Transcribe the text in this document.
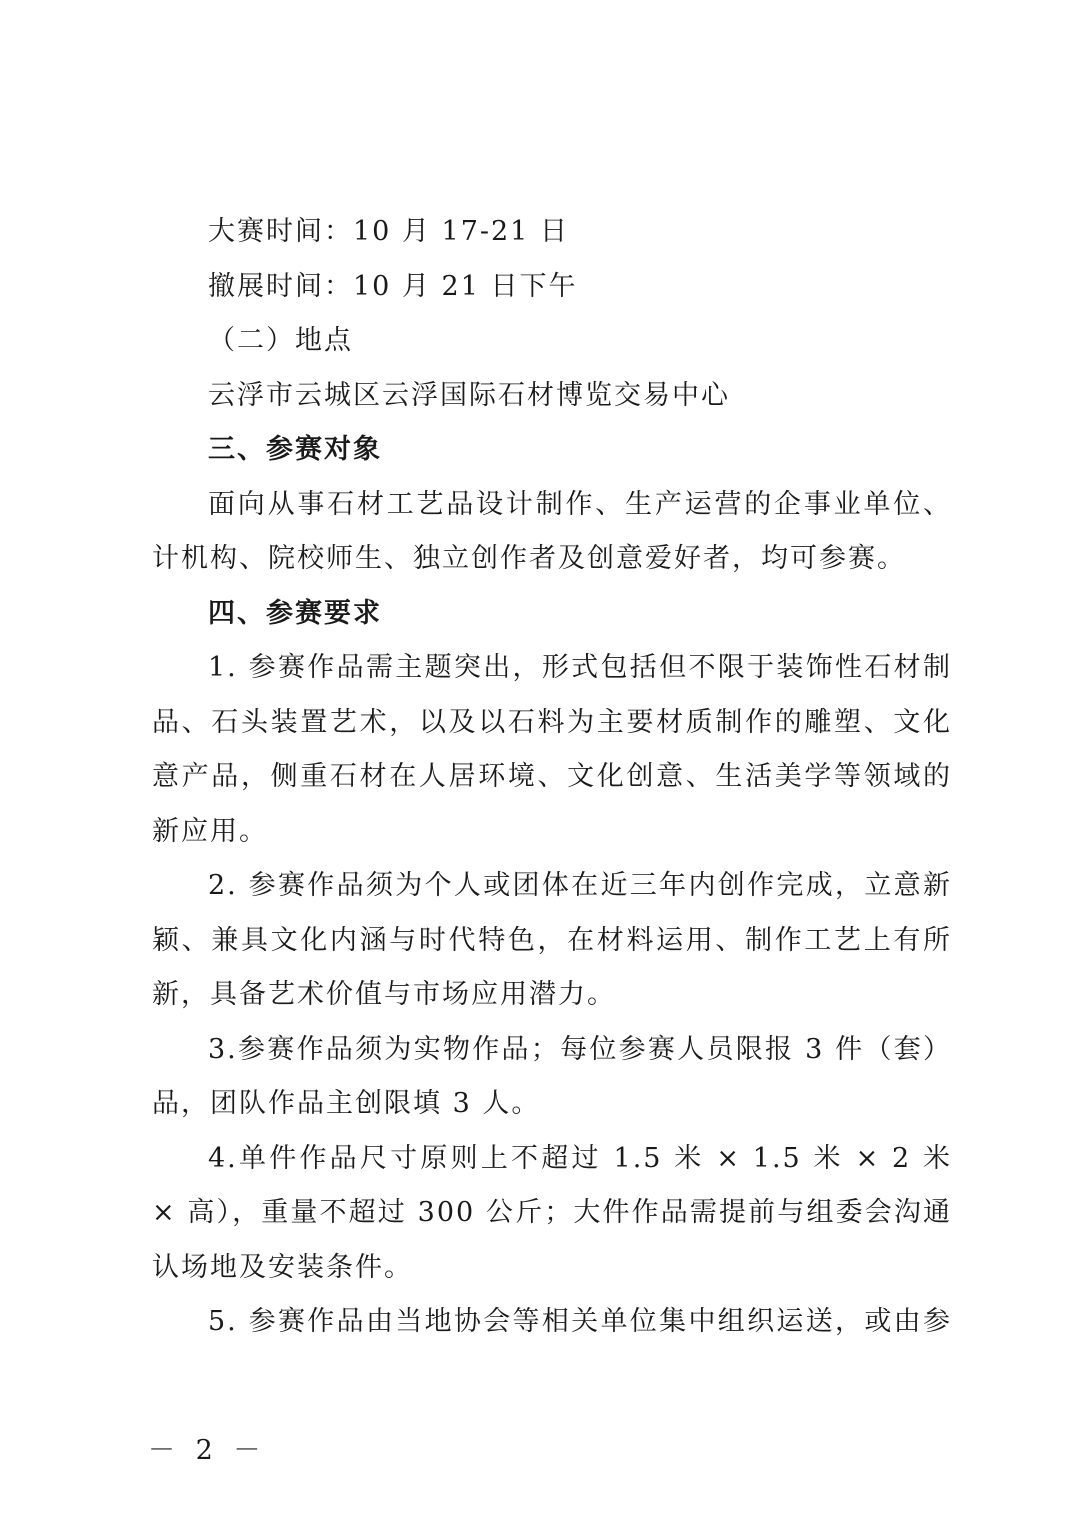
大赛时间：10 月 17-21 日
撤展时间：10 月 21 日下午
（二）地点
云浮市云城区云浮国际石材博览交易中心
三、参赛对象
面向从事石材工艺品设计制作、生产运营的企事业单位、
计机构、院校师生、独立创作者及创意爱好者，均可参赛。
四、参赛要求
1. 参赛作品需主题突出，形式包括但不限于装饰性石材制
品、石头装置艺术，以及以石料为主要材质制作的雕塑、文化
意产品，侧重石材在人居环境、文化创意、生活美学等领域的
新应用。
2. 参赛作品须为个人或团体在近三年内创作完成，立意新
颖、兼具文化内涵与时代特色，在材料运用、制作工艺上有所
新，具备艺术价值与市场应用潜力。
3.参赛作品须为实物作品；每位参赛人员限报 3 件（套）
品，团队作品主创限填 3 人。
4.单件作品尺寸原则上不超过 1.5 米 × 1.5 米 × 2 米
× 高），重量不超过 300 公斤；大件作品需提前与组委会沟通
认场地及安装条件。
5. 参赛作品由当地协会等相关单位集中组织运送，或由参
－ 2 －
